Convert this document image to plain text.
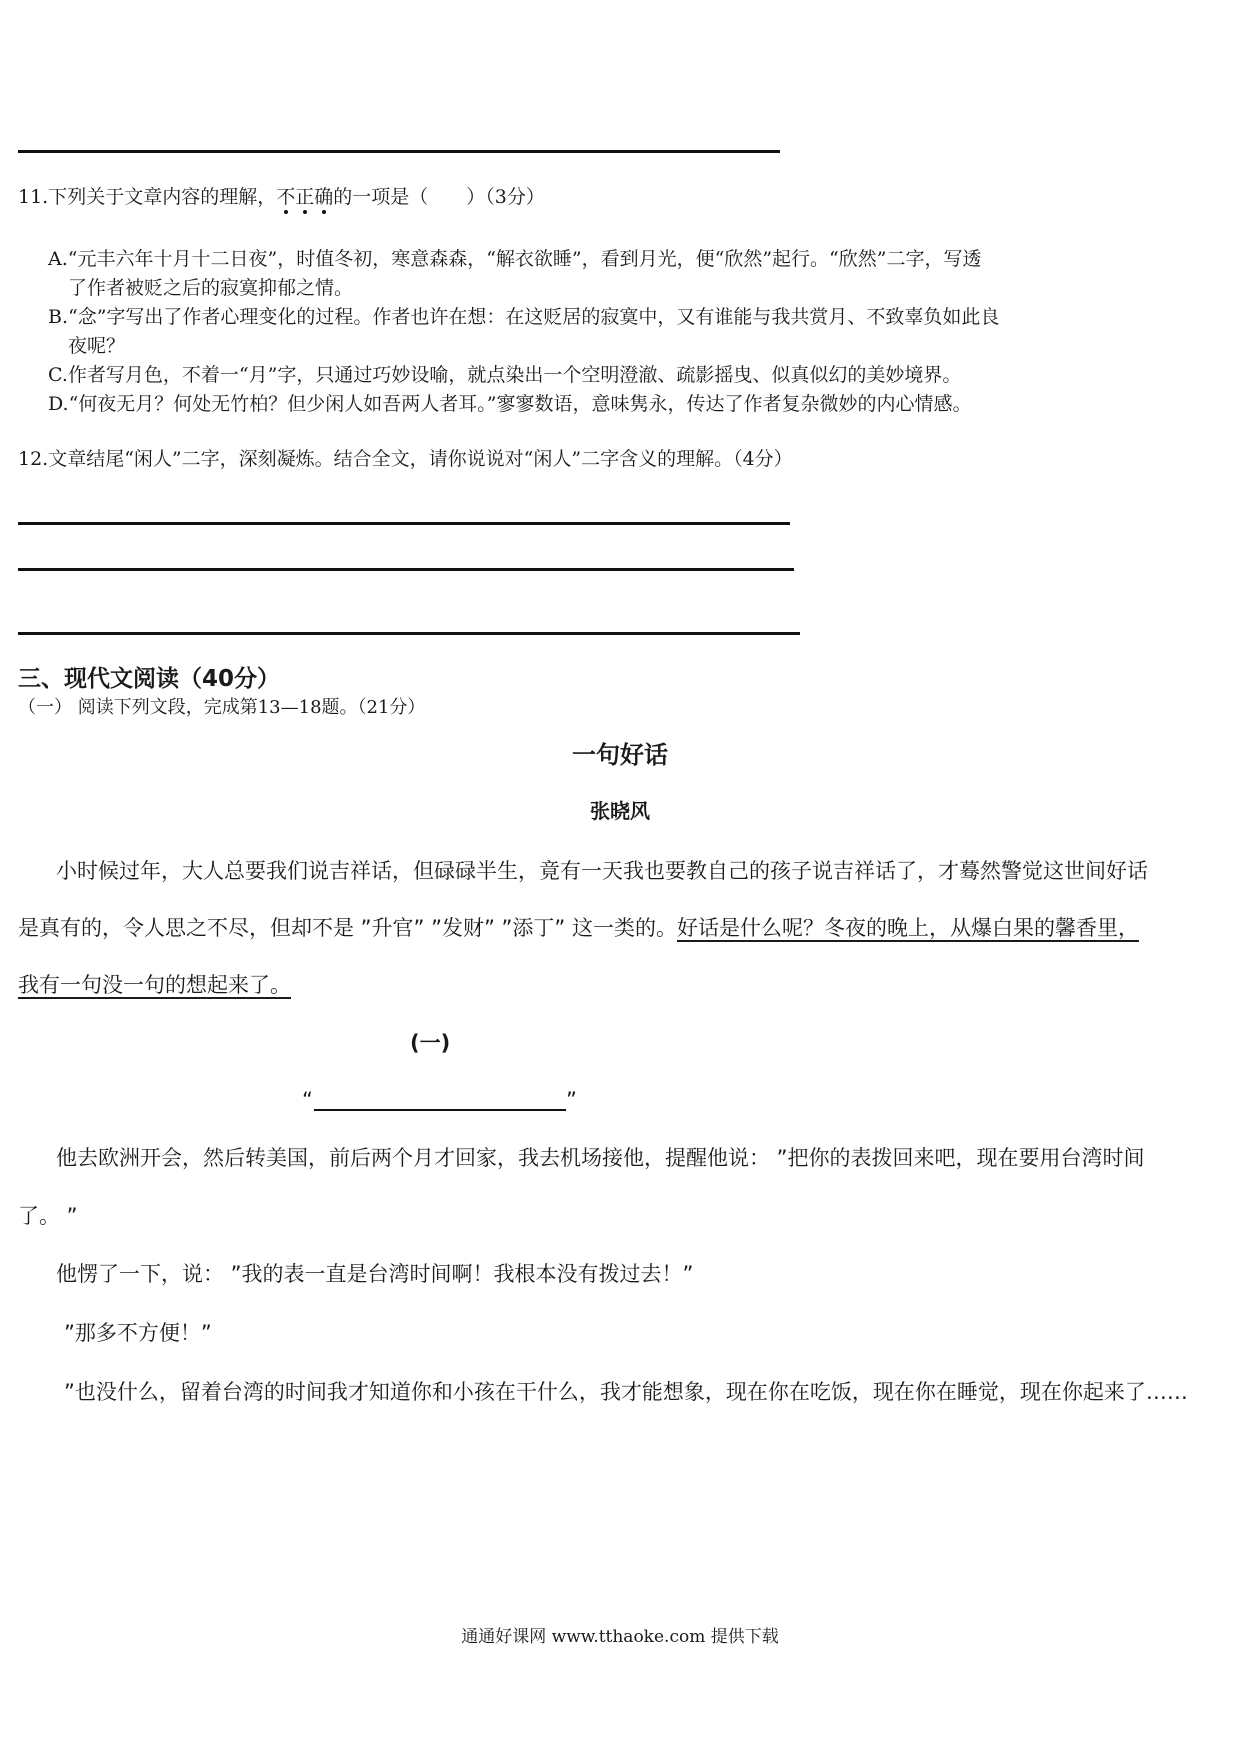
11.下列关于文章内容的理解，不
正
确
的一项是（　　）（3分）
A.“元丰六年十月十二日夜”，时值冬初，寒意森森，“解衣欲睡”，看到月光，便“欣然”起行。“欣然”二字，写透
了作者被贬之后的寂寞抑郁之情。
B.“念”字写出了作者心理变化的过程。作者也许在想：在这贬居的寂寞中，又有谁能与我共赏月、不致辜负如此良
夜呢？
C.作者写月色，不着一“月”字，只通过巧妙设喻，就点染出一个空明澄澈、疏影摇曳、似真似幻的美妙境界。
D.“何夜无月？何处无竹柏？但少闲人如吾两人者耳。”寥寥数语，意味隽永，传达了作者复杂微妙的内心情感。
12.文章结尾“闲人”二字，深刻凝炼。结合全文，请你说说对“闲人”二字含义的理解。（4分）
三、现代文阅读（40分）
（一） 阅读下列文段，完成第13—18题。（21分）
一句好话
张晓风
小时候过年，大人总要我们说吉祥话，但碌碌半生，竟有一天我也要教自己的孩子说吉祥话了，才蓦然警觉这世间好话
是真有的，令人思之不尽，但却不是 ”升官” ”发财” ”添丁” 这一类的。好话是什么呢？冬夜的晚上，从爆白果的馨香里，
我有一句没一句的想起来了。
(一)
“	”
他去欧洲开会，然后转美国，前后两个月才回家，我去机场接他，提醒他说： ”把你的表拨回来吧，现在要用台湾时间
了。 ”
他愣了一下，说： ”我的表一直是台湾时间啊！我根本没有拨过去！”
”那多不方便！”
”也没什么，留着台湾的时间我才知道你和小孩在干什么，我才能想象，现在你在吃饭，现在你在睡觉，现在你起来了……
通通好课网 www.tthaoke.com 提供下载
